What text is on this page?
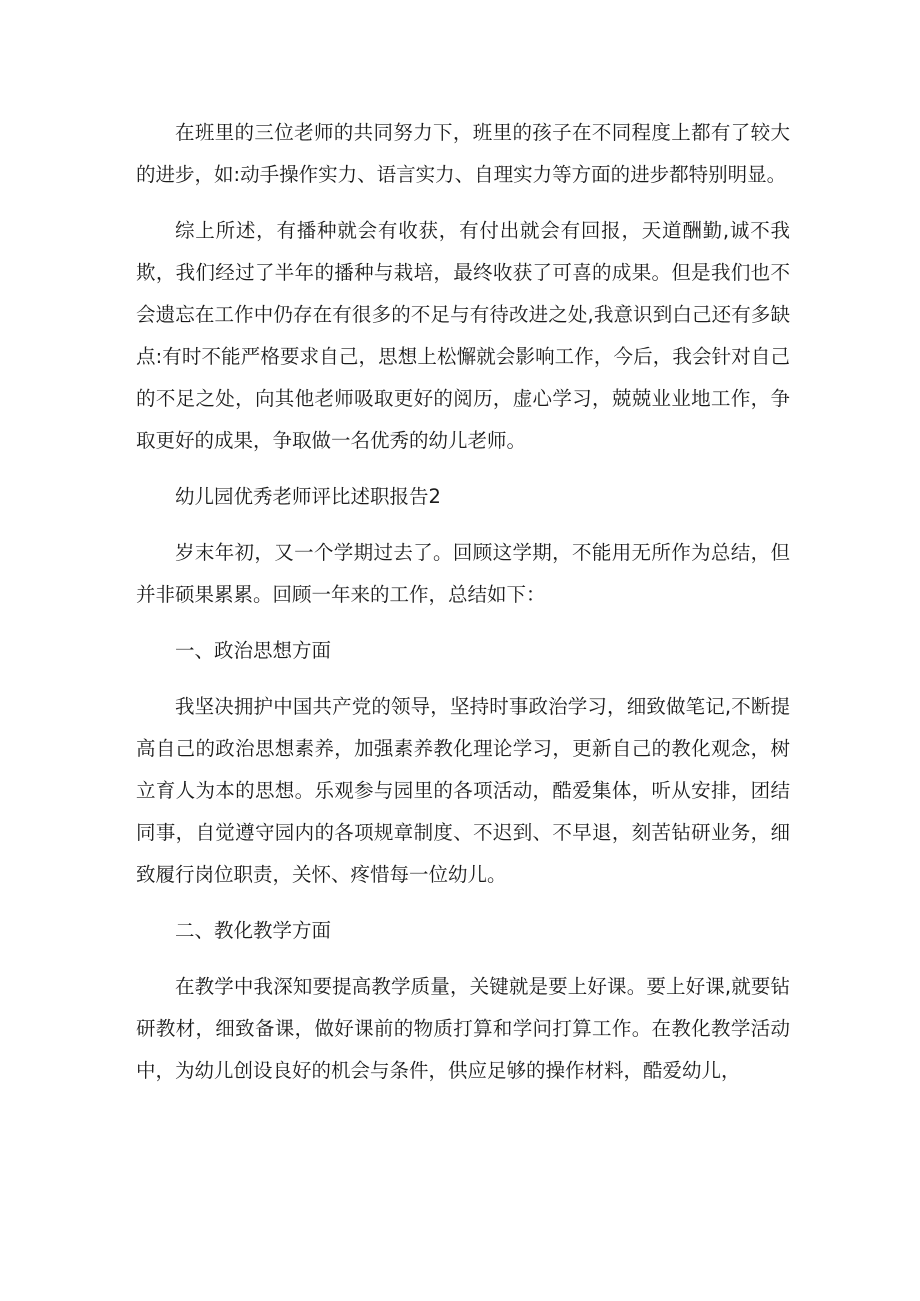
在班里的三位老师的共同努力下，班里的孩子在不同程度上都有了较大的进步，如:动手操作实力、语言实力、自理实力等方面的进步都特别明显。

综上所述，有播种就会有收获，有付出就会有回报，天道酬勤,诚不我欺，我们经过了半年的播种与栽培，最终收获了可喜的成果。但是我们也不会遗忘在工作中仍存在有很多的不足与有待改进之处,我意识到白己还有多缺点:有时不能严格要求自己，思想上松懈就会影响工作，今后，我会针对自己的不足之处，向其他老师吸取更好的阅历，虚心学习，兢兢业业地工作，争取更好的成果，争取做一名优秀的幼儿老师。

幼儿园优秀老师评比述职报告2

岁末年初，又一个学期过去了。回顾这学期，不能用无所作为总结，但并非硕果累累。回顾一年来的工作，总结如下：

一、政治思想方面

我坚决拥护中国共产党的领导，坚持时事政治学习，细致做笔记,不断提高自己的政治思想素养，加强素养教化理论学习，更新自己的教化观念，树立育人为本的思想。乐观参与园里的各项活动，酷爱集体，听从安排，团结同事，自觉遵守园内的各项规章制度、不迟到、不早退，刻苦钻研业务，细致履行岗位职责，关怀、疼惜每一位幼儿。

二、教化教学方面

在教学中我深知要提高教学质量，关键就是要上好课。要上好课,就要钻研教材，细致备课，做好课前的物质打算和学问打算工作。在教化教学活动中，为幼儿创设良好的机会与条件，供应足够的操作材料，酷爱幼儿，
